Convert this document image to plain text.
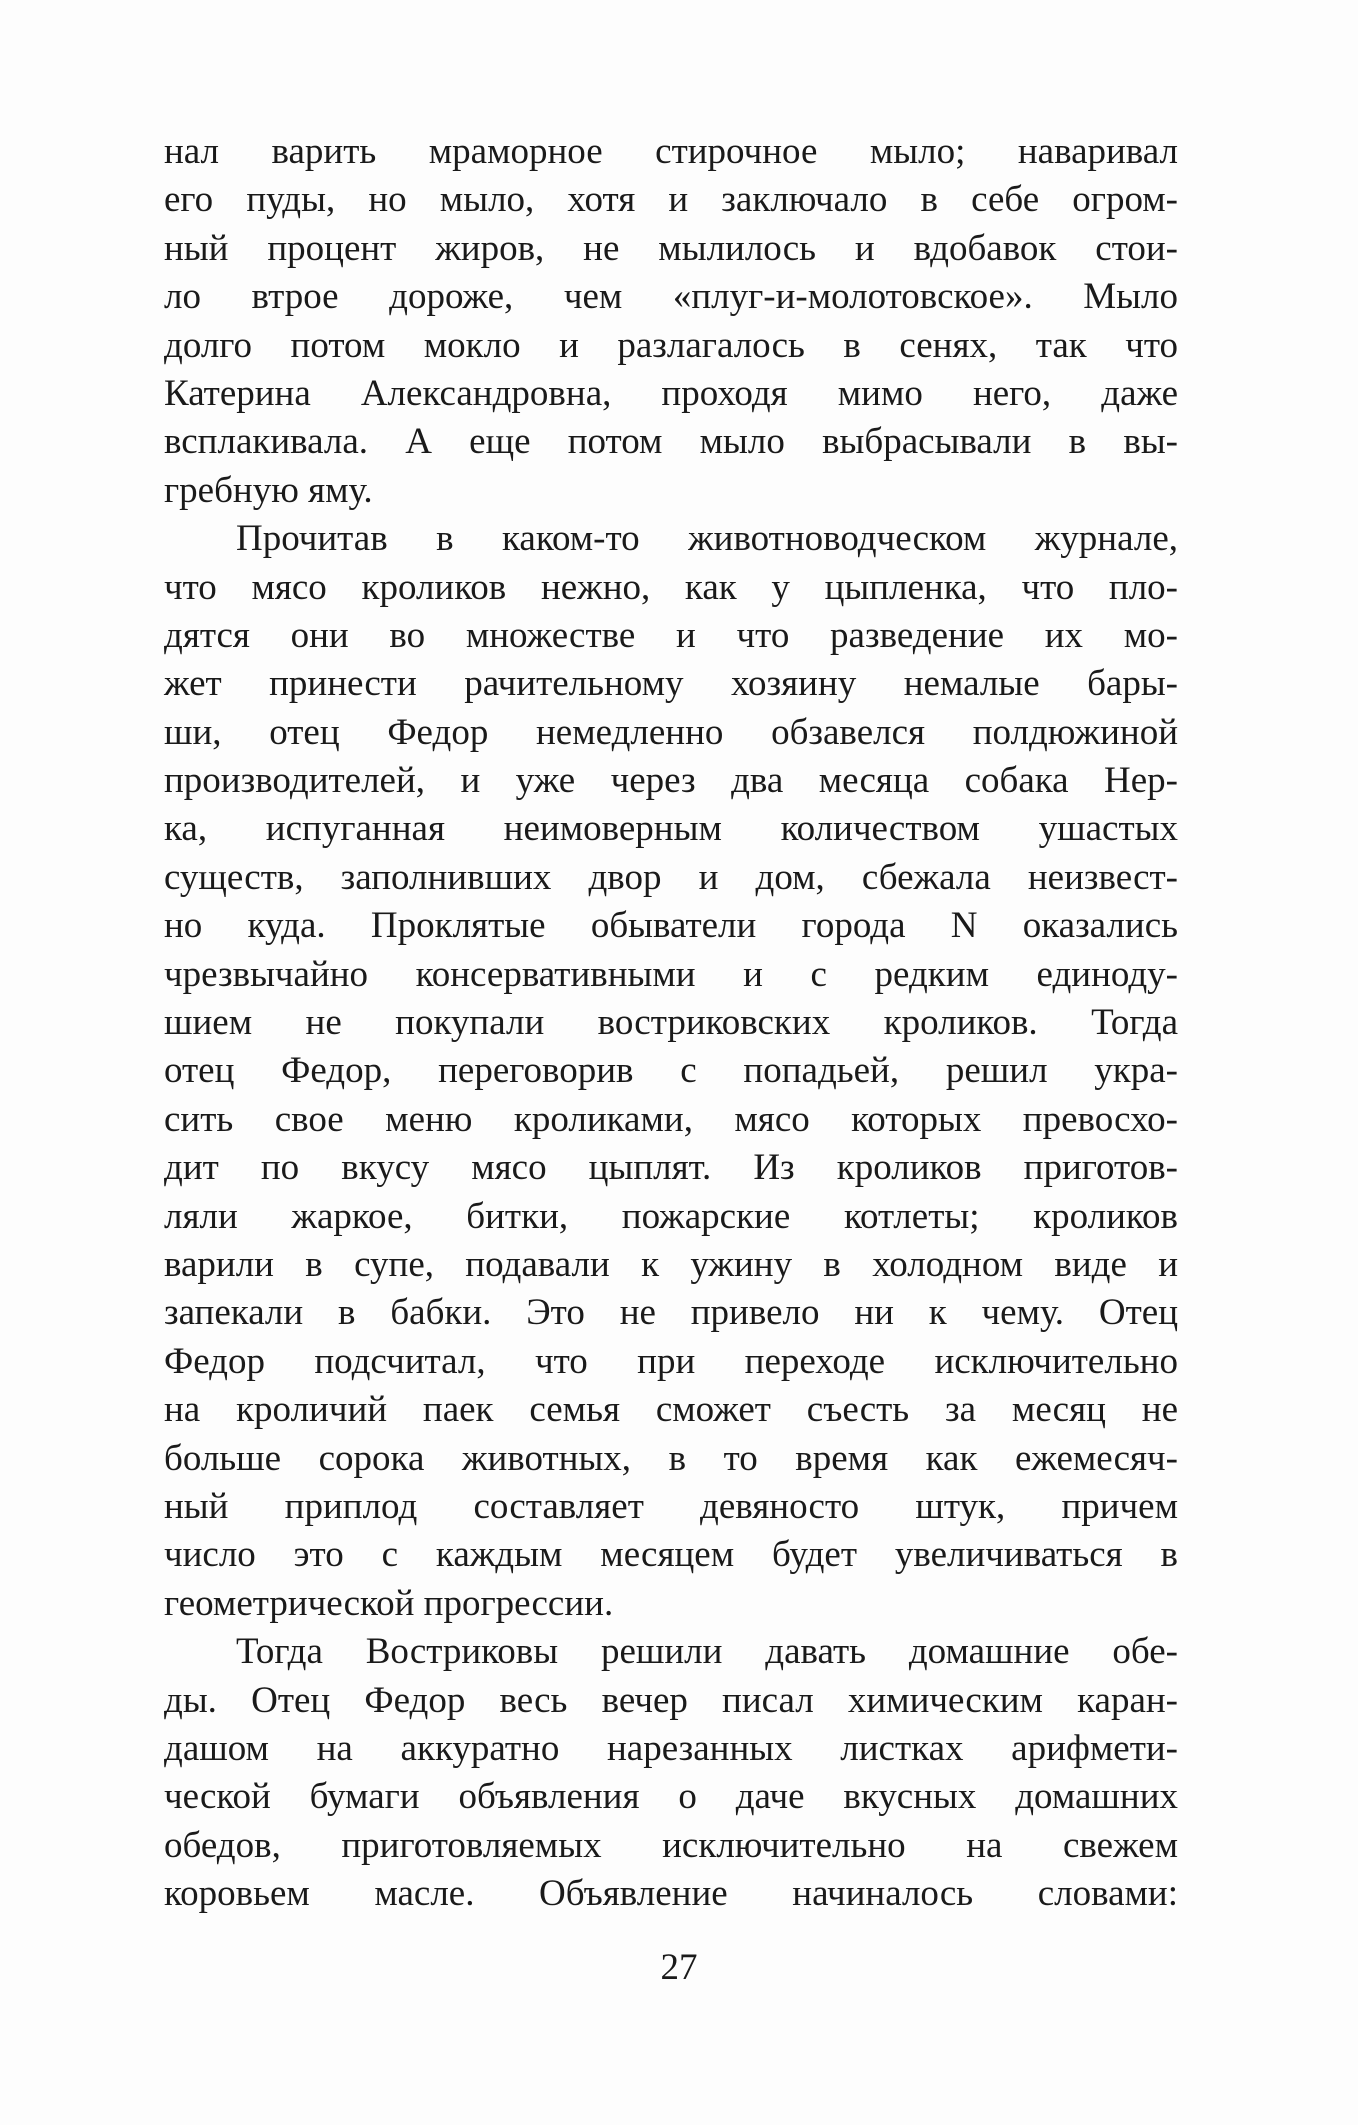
нал варить мраморное стирочное мыло; наваривал
его пуды, но мыло, хотя и заключало в себе огром-
ный процент жиров, не мылилось и вдобавок стои-
ло втрое дороже, чем «плуг-и-молотовское». Мыло
долго потом мокло и разлагалось в сенях, так что
Катерина Александровна, проходя мимо него, даже
всплакивала. А еще потом мыло выбрасывали в вы-
гребную яму.
Прочитав в каком-то животноводческом журнале,
что мясо кроликов нежно, как у цыпленка, что пло-
дятся они во множестве и что разведение их мо-
жет принести рачительному хозяину немалые бары-
ши, отец Федор немедленно обзавелся полдюжиной
производителей, и уже через два месяца собака Нер-
ка, испуганная неимоверным количеством ушастых
существ, заполнивших двор и дом, сбежала неизвест-
но куда. Проклятые обыватели города N оказались
чрезвычайно консервативными и с редким единоду-
шием не покупали востриковских кроликов. Тогда
отец Федор, переговорив с попадьей, решил укра-
сить свое меню кроликами, мясо которых превосхо-
дит по вкусу мясо цыплят. Из кроликов приготов-
ляли жаркое, битки, пожарские котлеты; кроликов
варили в супе, подавали к ужину в холодном виде и
запекали в бабки. Это не привело ни к чему. Отец
Федор подсчитал, что при переходе исключительно
на кроличий паек семья сможет съесть за месяц не
больше сорока животных, в то время как ежемесяч-
ный приплод составляет девяносто штук, причем
число это с каждым месяцем будет увеличиваться в
геометрической прогрессии.
Тогда Востриковы решили давать домашние обе-
ды. Отец Федор весь вечер писал химическим каран-
дашом на аккуратно нарезанных листках арифмети-
ческой бумаги объявления о даче вкусных домашних
обедов, приготовляемых исключительно на свежем
коровьем масле. Объявление начиналось словами:
27
